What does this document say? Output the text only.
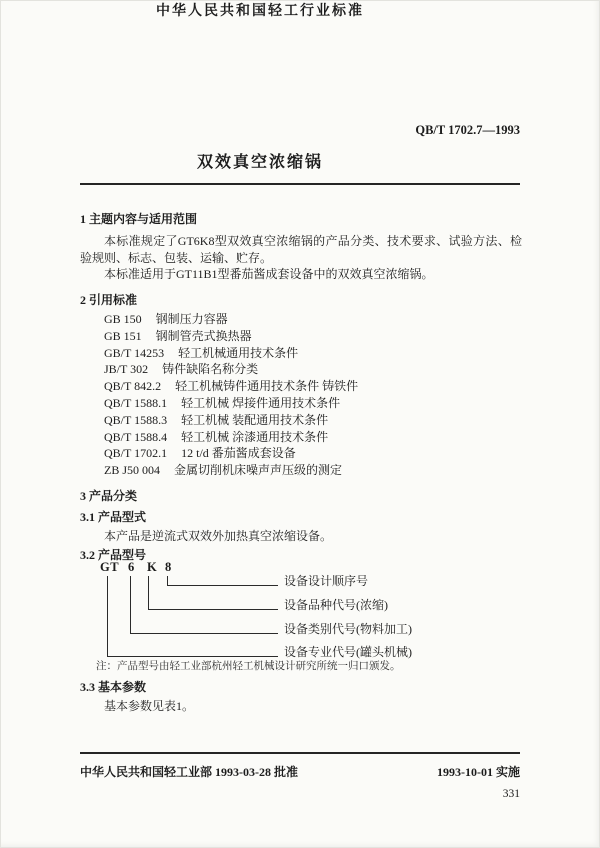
中华人民共和国轻工行业标准
QB/T 1702.7—1993
双效真空浓缩锅
1 主题内容与适用范围
本标准规定了GT6K8型双效真空浓缩锅的产品分类、技术要求、试验方法、检验规则、标志、包装、运输、贮存。
本标准适用于GT11B1型番茄酱成套设备中的双效真空浓缩锅。
2 引用标准
GB 150 钢制压力容器
GB 151 钢制管壳式换热器
GB/T 14253 轻工机械通用技术条件
JB/T 302 铸件缺陷名称分类
QB/T 842.2 轻工机械铸件通用技术条件 铸铁件
QB/T 1588.1 轻工机械 焊接件通用技术条件
QB/T 1588.3 轻工机械 装配通用技术条件
QB/T 1588.4 轻工机械 涂漆通用技术条件
QB/T 1702.1 12 t/d 番茄酱成套设备
ZB J50 004 金属切削机床噪声声压级的测定
3 产品分类
3.1 产品型式
本产品是逆流式双效外加热真空浓缩设备。
3.2 产品型号
GT 6 K 8
设备设计顺序号
设备品种代号(浓缩)
设备类别代号(物料加工)
设备专业代号(罐头机械)
注：产品型号由轻工业部杭州轻工机械设计研究所统一归口颁发。
3.3 基本参数
基本参数见表1。
中华人民共和国轻工业部 1993-03-28 批准	1993-10-01 实施
331
